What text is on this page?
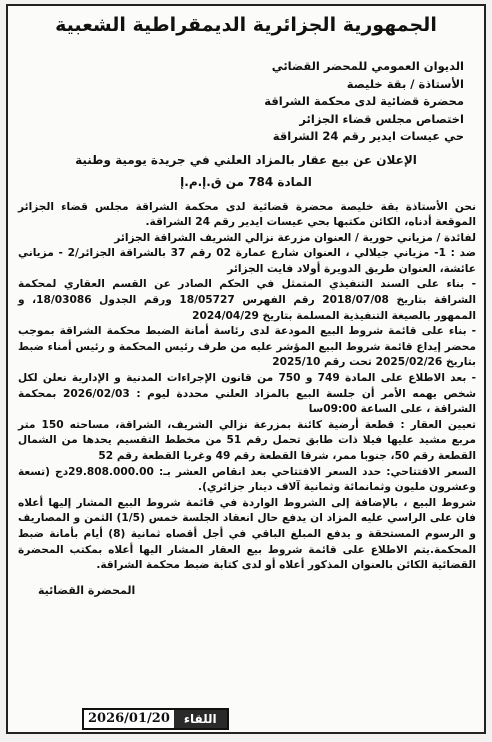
الجمهورية الجزائرية الديمقراطية الشعبية
الديوان العمومي للمحضر القضائي
الأستاذة / بقة خليصة
محضرة قضائية لدى محكمة الشراقة
اختصاص مجلس قضاء الجزائر
حي عيسات ايدير رقم 24 الشراقة
الإعلان عن بيع عقار بالمزاد العلني في جريدة يومية وطنية
المادة 784 من ق.إ.م.إ

نحن الأستاذة بقة خليصة محضرة قضائية لدى محكمة الشراقة مجلس قضاء الجزائر الموقعة أدناه، الكائن مكتبها بحي عيسات ايدير رقم 24 الشراقة.

لفائدة / مزياني حورية / العنوان مزرعة نزالي الشريف الشراقة الجزائر

ضد : 1- مزياني جيلالي ، العنوان شارع عمارة 02 رقم 37 بالشراقة الجزائر/2 - مزياني عائشة، العنوان طريق الدويرة أولاد فايت الجزائر

- بناء على السند التنفيذي المتمثل في الحكم الصادر عن القسم العقاري لمحكمة الشراقة بتاريخ 2018/07/08 رقم الفهرس 18/05727 ورقم الجدول 18/03086، و الممهور بالصيغة التنفيذية المسلمة بتاريخ 2024/04/29

- بناء على قائمة شروط البيع المودعة لدى رئاسة أمانة الضبط محكمة الشراقة بموجب محضر إيداع قائمة شروط البيع المؤشر عليه من طرف رئيس المحكمة و رئيس أمناء ضبط بتاريخ 2025/02/26 تحت رقم 2025/10

- بعد الاطلاع على المادة 749 و 750 من قانون الإجراءات المدنية و الإدارية نعلن لكل شخص يهمه الأمر أن جلسة البيع بالمزاد العلني محددة ليوم : 2026/02/03 بمحكمة الشراقة ، على الساعة 09:00سا

تعيين العقار : قطعة أرضية كائنة بمزرعة نزالي الشريف، الشراقة، مساحته 150 متر مربع مشيد عليها فيلا ذات طابق تحمل رقم 51 من مخطط التقسيم يحدها من الشمال القطعة رقم 50، جنوبا ممر، شرقا القطعة رقم 49 وغربا القطعة رقم 52

السعر الافتتاحي: حدد السعر الافتتاحي بعد انقاص العشر بـ: 29.808.000.00دج (تسعة وعشرون مليون وثمانمائة وثمانية آلاف دينار جزائري).

شروط البيع ، بالإضافة إلى الشروط الواردة في قائمة شروط البيع المشار إليها أعلاه فان على الراسي عليه المزاد ان يدفع حال انعقاد الجلسة خمس (1/5) الثمن و المصاريف و الرسوم المستحقة و يدفع المبلغ الباقي في أجل أقصاه ثمانية (8) أيام بأمانة ضبط المحكمة.يتم الاطلاع على قائمة شروط بيع العقار المشار اليها أعلاه بمكتب المحضرة القضائية الكائن بالعنوان المذكور أعلاه أو لدى كتابة ضبط محكمة الشراقة.

المحضرة القضائية
2026/01/20	اللقاء
